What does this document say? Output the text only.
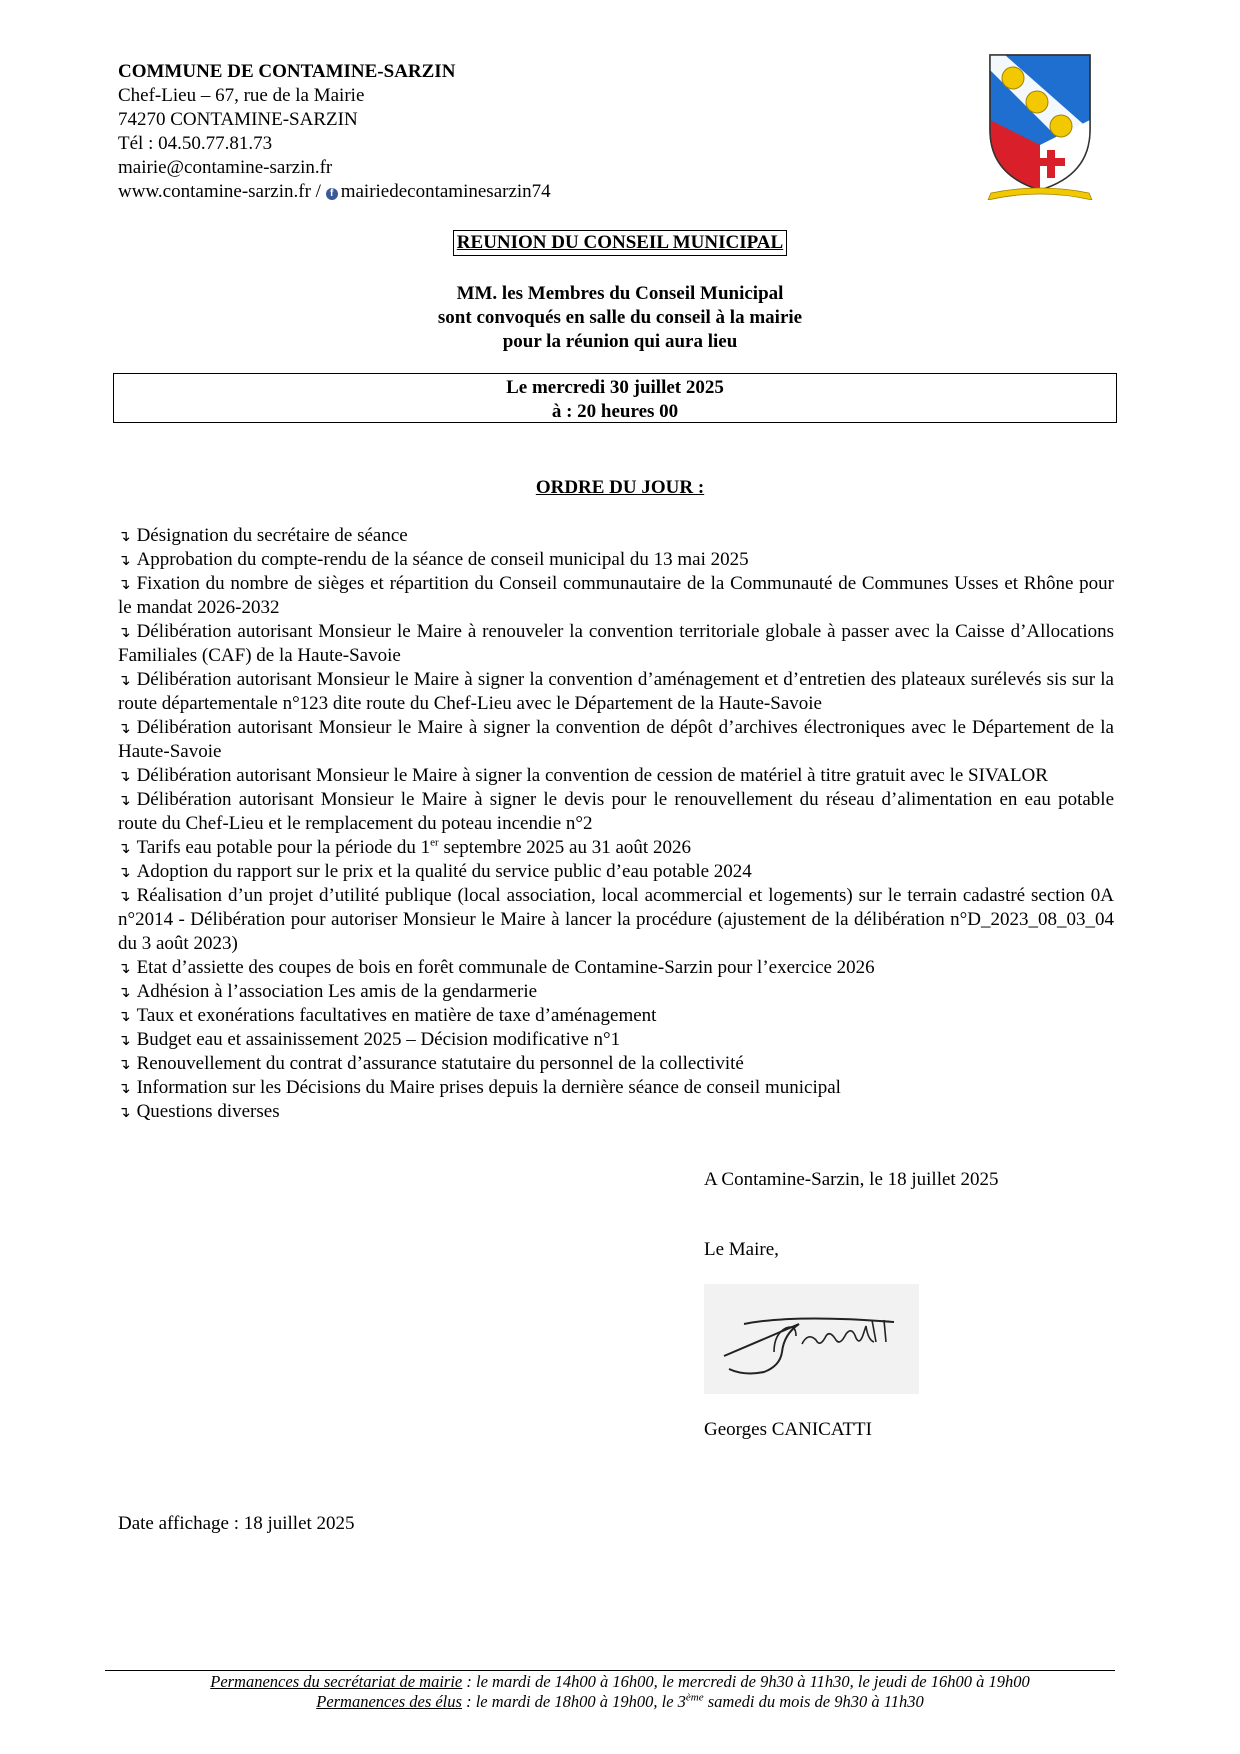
COMMUNE DE CONTAMINE-SARZIN
Chef-Lieu – 67, rue de la Mairie
74270 CONTAMINE-SARZIN
Tél : 04.50.77.81.73
mairie@contamine-sarzin.fr
www.contamine-sarzin.fr / f mairiedecontaminesarzin74
REUNION DU CONSEIL MUNICIPAL
MM. les Membres du Conseil Municipal
sont convoqués en salle du conseil à la mairie
pour la réunion qui aura lieu
Le mercredi 30 juillet 2025
à : 20 heures 00
ORDRE DU JOUR :
↴ Désignation du secrétaire de séance
↴ Approbation du compte-rendu de la séance de conseil municipal du 13 mai 2025
↴ Fixation du nombre de sièges et répartition du Conseil communautaire de la Communauté de Communes Usses et Rhône pour le mandat 2026-2032
↴ Délibération autorisant Monsieur le Maire à renouveler la convention territoriale globale à passer avec la Caisse d’Allocations Familiales (CAF) de la Haute-Savoie
↴ Délibération autorisant Monsieur le Maire à signer la convention d’aménagement et d’entretien des plateaux surélevés sis sur la route départementale n°123 dite route du Chef-Lieu avec le Département de la Haute-Savoie
↴ Délibération autorisant Monsieur le Maire à signer la convention de dépôt d’archives électroniques avec le Département de la Haute-Savoie
↴ Délibération autorisant Monsieur le Maire à signer la convention de cession de matériel à titre gratuit avec le SIVALOR
↴ Délibération autorisant Monsieur le Maire à signer le devis pour le renouvellement du réseau d’alimentation en eau potable route du Chef-Lieu et le remplacement du poteau incendie n°2
↴ Tarifs eau potable pour la période du 1er septembre 2025 au 31 août 2026
↴ Adoption du rapport sur le prix et la qualité du service public d’eau potable 2024
↴ Réalisation d’un projet d’utilité publique (local association, local acommercial et logements) sur le terrain cadastré section 0A n°2014 - Délibération pour autoriser Monsieur le Maire à lancer la procédure (ajustement de la délibération n°D_2023_08_03_04 du 3 août 2023)
↴ Etat d’assiette des coupes de bois en forêt communale de Contamine-Sarzin pour l’exercice 2026
↴ Adhésion à l’association Les amis de la gendarmerie
↴ Taux et exonérations facultatives en matière de taxe d’aménagement
↴ Budget eau et assainissement 2025 – Décision modificative n°1
↴ Renouvellement du contrat d’assurance statutaire du personnel de la collectivité
↴ Information sur les Décisions du Maire prises depuis la dernière séance de conseil municipal
↴ Questions diverses
A Contamine-Sarzin, le 18 juillet 2025
Le Maire,
Georges CANICATTI
Date affichage : 18 juillet 2025
Permanences du secrétariat de mairie : le mardi de 14h00 à 16h00, le mercredi de 9h30 à 11h30, le jeudi de 16h00 à 19h00
Permanences des élus : le mardi de 18h00 à 19h00, le 3ème samedi du mois de 9h30 à 11h30
